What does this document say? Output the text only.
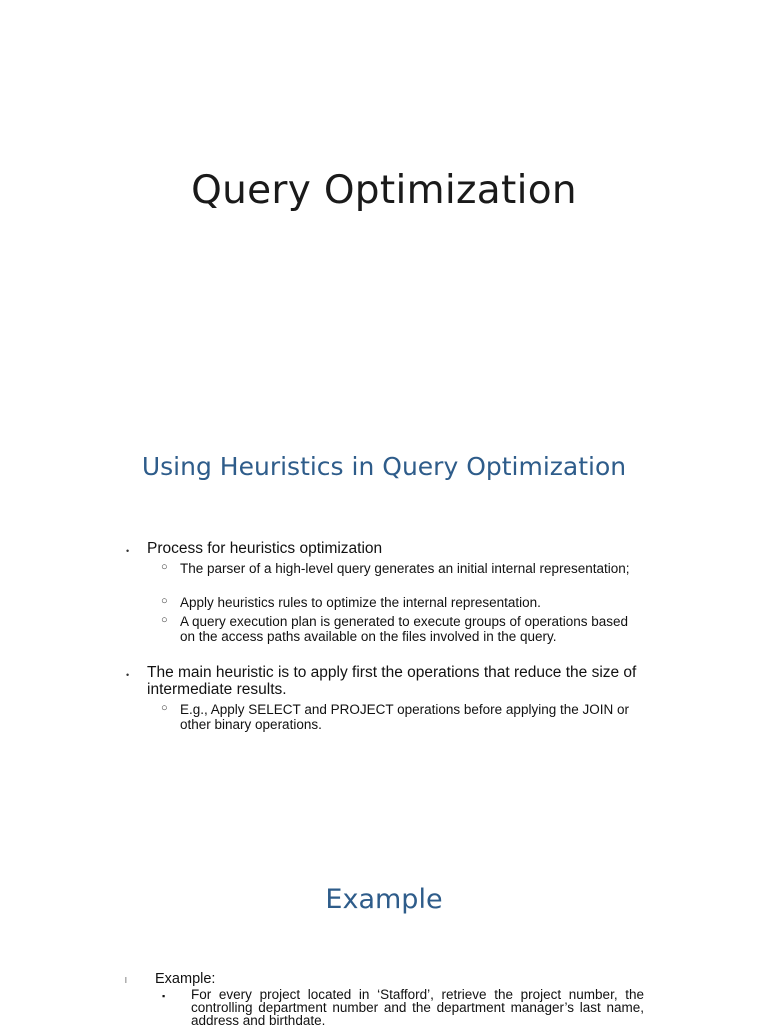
Query Optimization
Using Heuristics in Query Optimization
• Process for heuristics optimization
○ The parser of a high-level query generates an initial internal representation;
○ Apply heuristics rules to optimize the internal representation.
○ A query execution plan is generated to execute groups of operations based on the access paths available on the files involved in the query.
• The main heuristic is to apply first the operations that reduce the size of intermediate results.
○ E.g., Apply SELECT and PROJECT operations before applying the JOIN or other binary operations.
Example
l Example:
▪ For every project located in ‘Stafford’, retrieve the project number, the controlling department number and the department manager’s last name, address and birthdate.
